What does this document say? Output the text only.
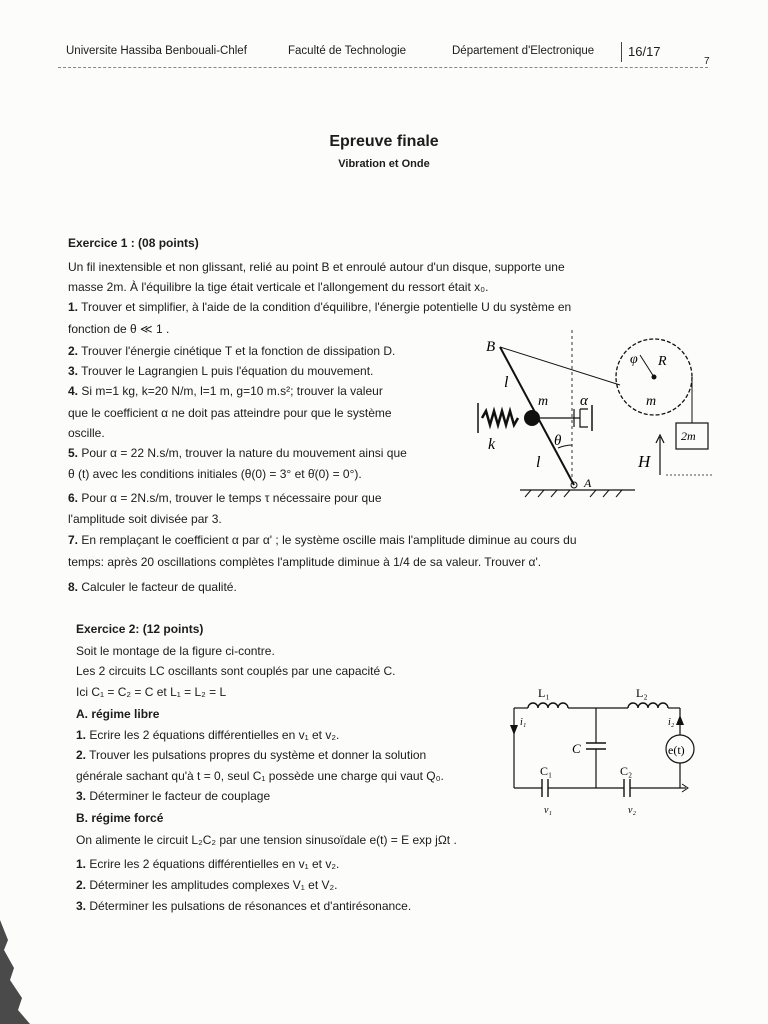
Universite Hassiba Benbouali-Chlef	Faculté de Technologie	Département d'Electronique	16/17
7
Epreuve finale
Vibration et Onde
Exercice 1 : (08 points)
Un fil inextensible et non glissant, relié au point B et enroulé autour d'un disque, supporte une
masse 2m. À l'équilibre la tige était verticale et l'allongement du ressort était x₀.
1. Trouver et simplifier, à l'aide de la condition d'équilibre, l'énergie potentielle U du système en
fonction de θ ≪ 1 .
2. Trouver l'énergie cinétique T et la fonction de dissipation D.
3. Trouver le Lagrangien L puis l'équation du mouvement.
4. Si m=1 kg, k=20 N/m, l=1 m, g=10 m.s²; trouver la valeur
que le coefficient α ne doit pas atteindre pour que le système
oscille.
5. Pour α = 22 N.s/m, trouver la nature du mouvement ainsi que
θ (t) avec les conditions initiales (θ(0) = 3° et θ̇(0) = 0°).
6. Pour α = 2N.s/m, trouver le temps τ nécessaire pour que
l'amplitude soit divisée par 3.
7. En remplaçant le coefficient α par α' ; le système oscille mais l'amplitude diminue au cours du
temps: après 20 oscillations complètes l'amplitude diminue à 1/4 de sa valeur. Trouver α'.
8. Calculer le facteur de qualité.
B
l
m α
k	θ
l
A
φ R
m
2m
H
Exercice 2: (12 points)
Soit le montage de la figure ci-contre.
Les 2 circuits LC oscillants sont couplés par une capacité C.
Ici C₁ = C₂ = C et L₁ = L₂ = L
A. régime libre
1. Ecrire les 2 équations différentielles en v₁ et v₂.
2. Trouver les pulsations propres du système et donner la solution
générale sachant qu'à t = 0, seul C₁ possède une charge qui vaut Q₀.
3. Déterminer le facteur de couplage
B. régime forcé
On alimente le circuit L₂C₂ par une tension sinusoïdale e(t) = E exp jΩt .
1. Ecrire les 2 équations différentielles en v₁ et v₂.
2. Déterminer les amplitudes complexes V₁ et V₂.
3. Déterminer les pulsations de résonances et d'antirésonance.
L₁	L₂
i₁	i₂
C	e(t)
C₁	C₂
v₁	v₂
